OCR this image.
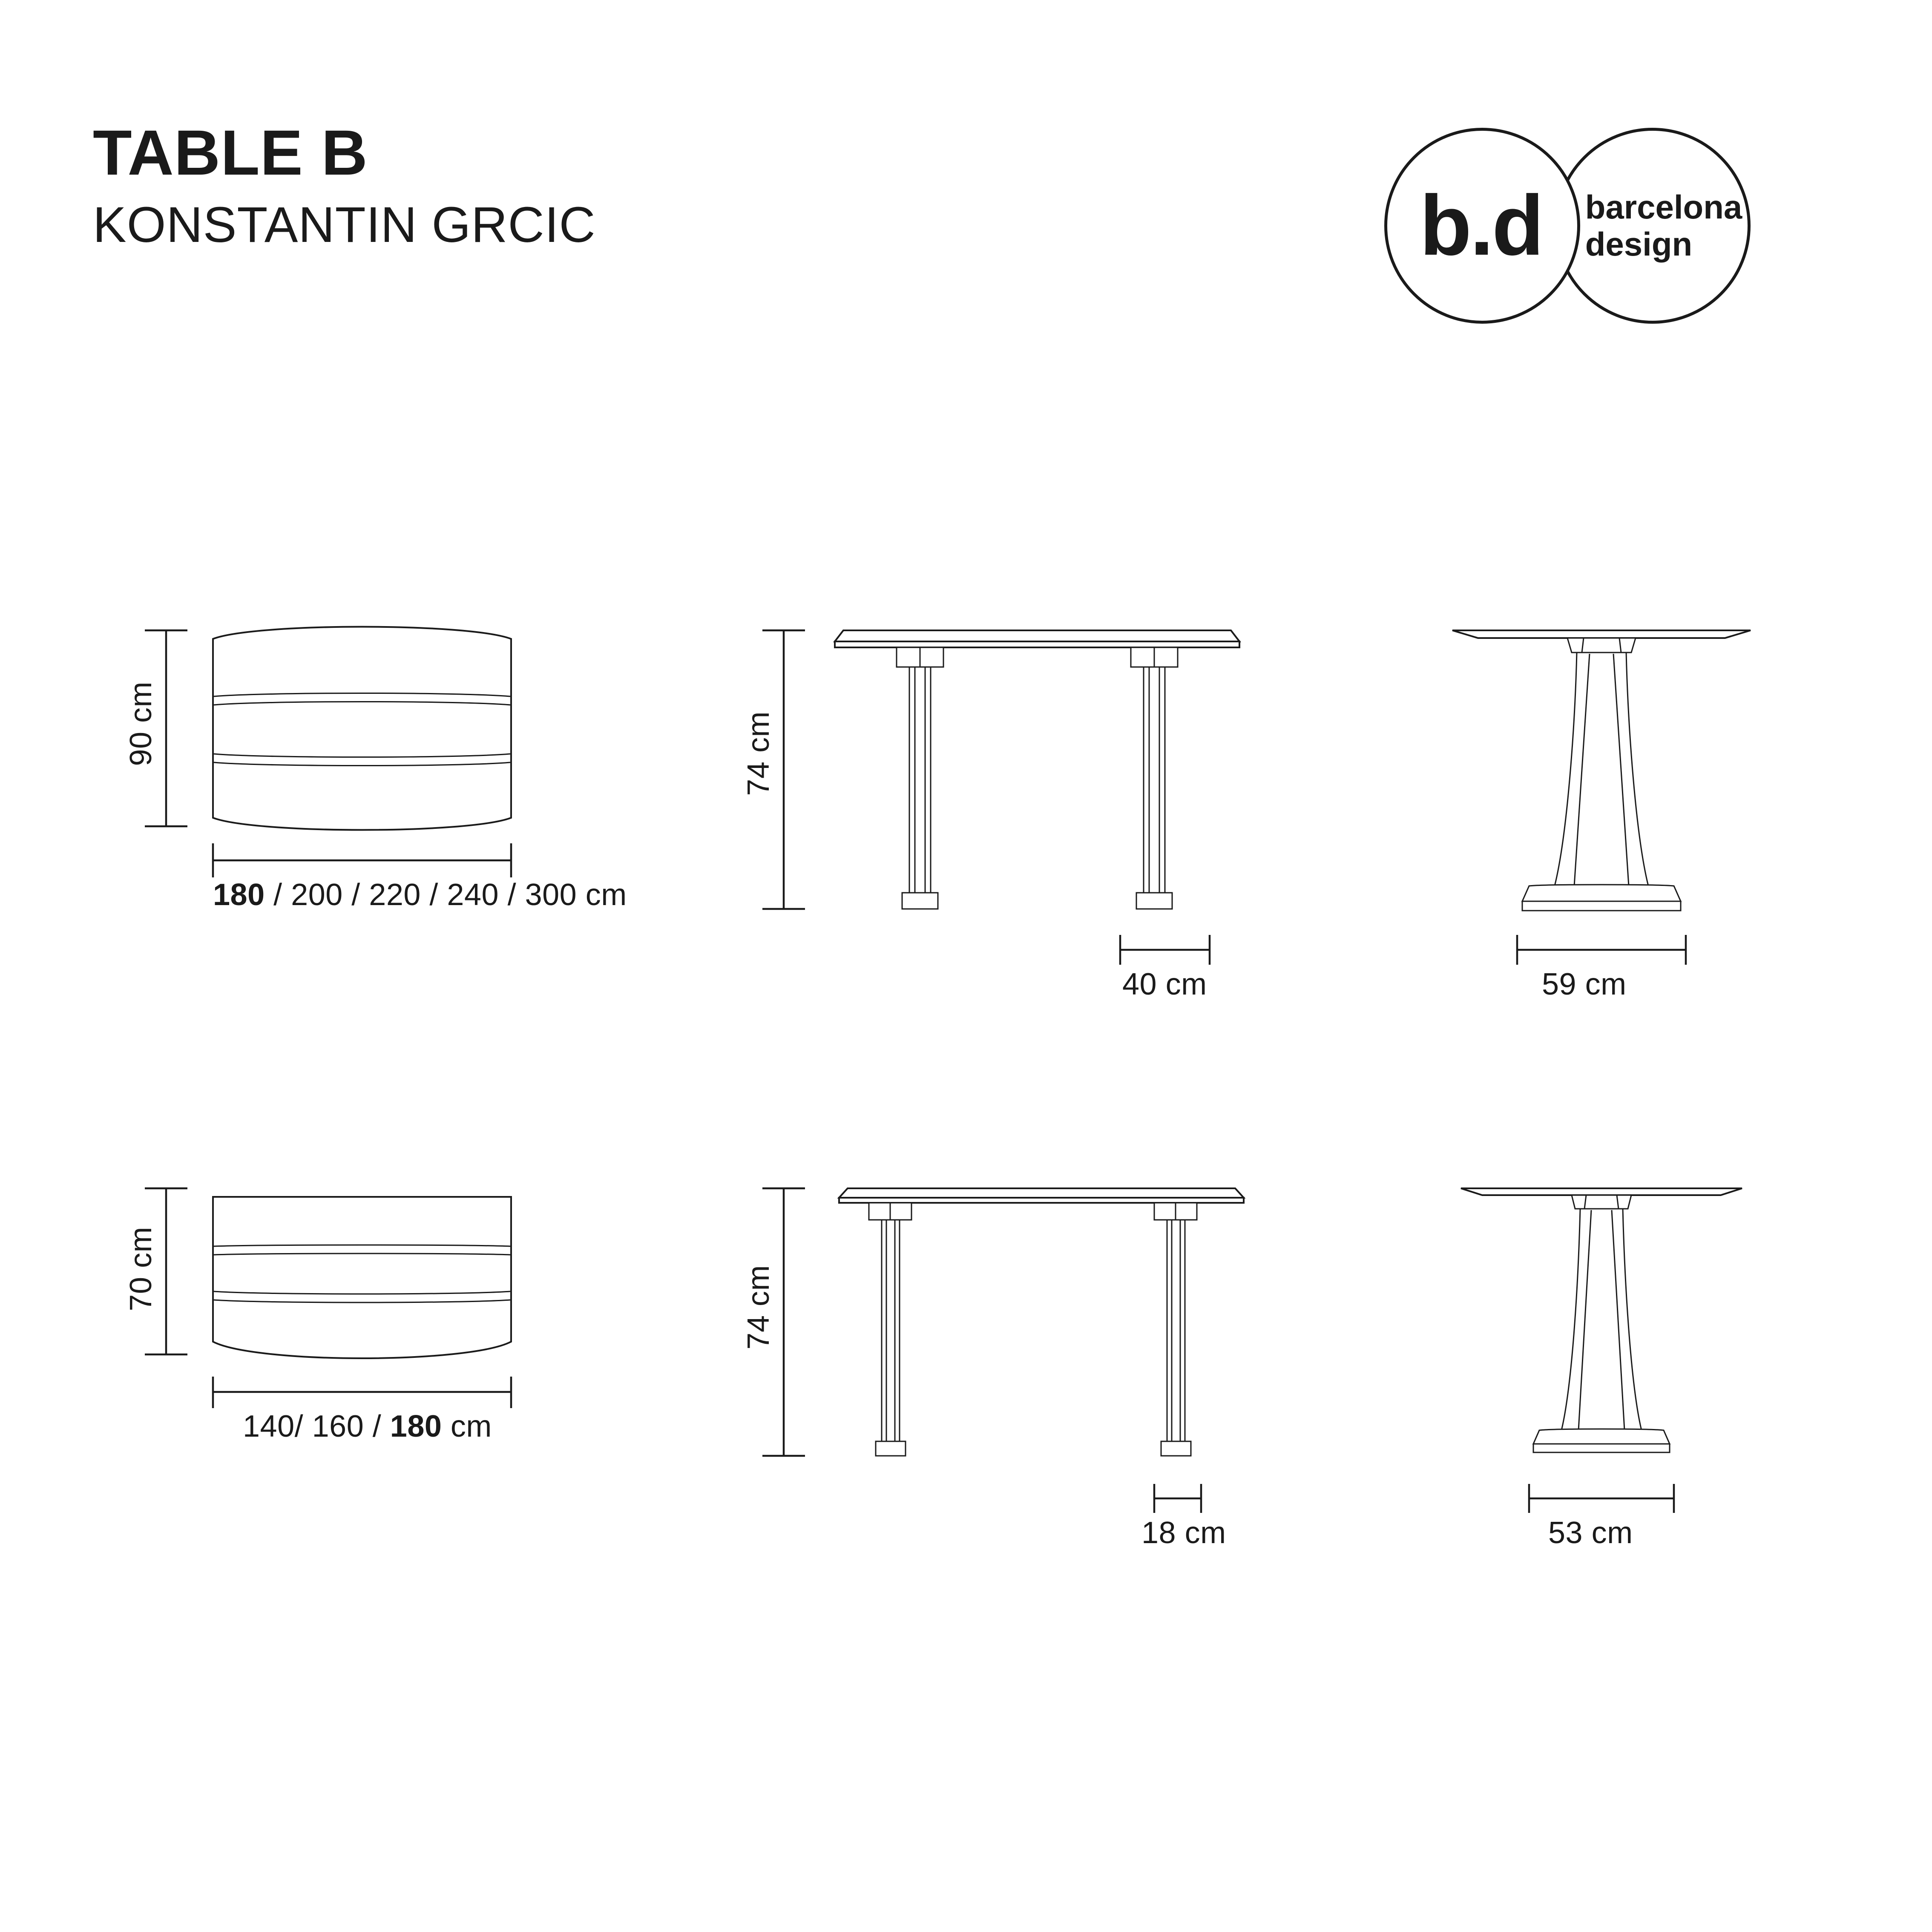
TABLE B
KONSTANTIN GRCIC	barcelona
design
b.d
90 cm
180 / 200 / 220 / 240 / 300 cm
74 cm
40 cm	59 cm
70 cm
140/ 160 / 180 cm
74 cm
18 cm	53 cm
